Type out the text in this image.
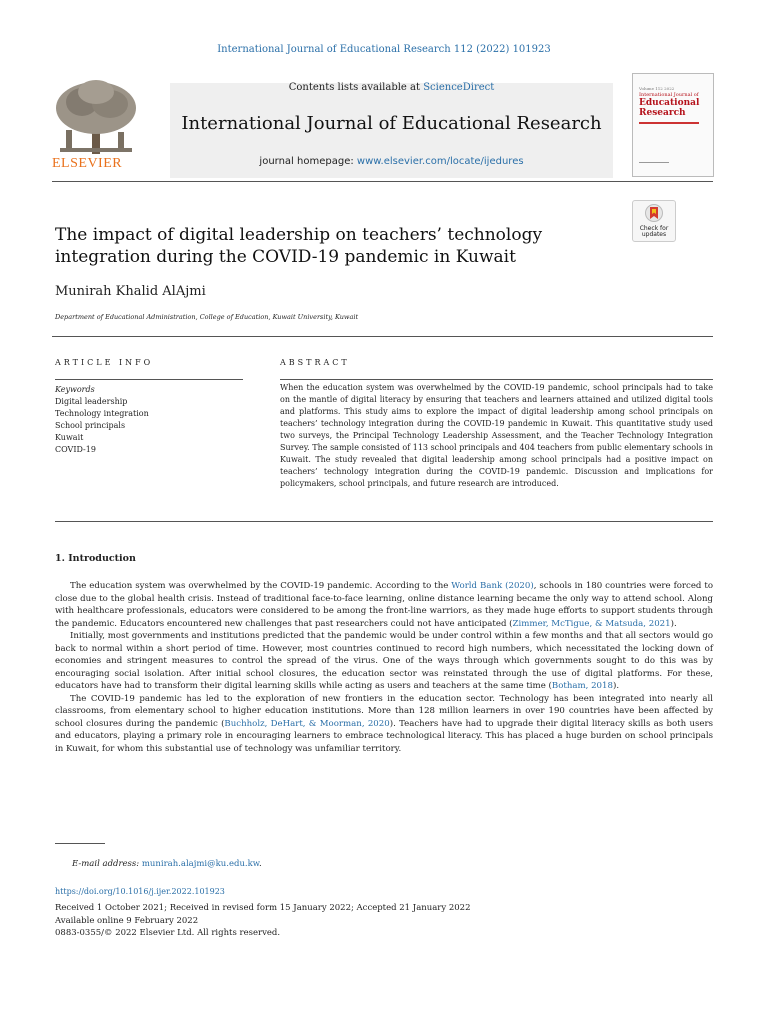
International Journal of Educational Research 112 (2022) 101923
Contents lists available at ScienceDirect
International Journal of Educational Research
journal homepage: www.elsevier.com/locate/ijedures
ELSEVIER
Volume 112 2022
International Journal of
Educational
Research
The impact of digital leadership on teachers’ technology integration during the COVID-19 pandemic in Kuwait
Check for
updates
Munirah Khalid AlAjmi
Department of Educational Administration, College of Education, Kuwait University, Kuwait
ARTICLE INFO	ABSTRACT
Keywords
Digital leadership
Technology integration
School principals
Kuwait
COVID-19
When the education system was overwhelmed by the COVID-19 pandemic, school principals had to take on the mantle of digital literacy by ensuring that teachers and learners attained and utilized digital tools and platforms. This study aims to explore the impact of digital leadership among school principals on teachers’ technology integration during the COVID-19 pandemic in Kuwait. This quantitative study used two surveys, the Principal Technology Leadership Assessment, and the Teacher Technology Integration Survey. The sample consisted of 113 school principals and 404 teachers from public elementary schools in Kuwait. The study revealed that digital leadership among school principals had a positive impact on teachers’ technology integration during the COVID-19 pandemic. Discussion and implications for policymakers, school principals, and future research are introduced.
1. Introduction

The education system was overwhelmed by the COVID-19 pandemic. According to the World Bank (2020), schools in 180 countries were forced to close due to the global health crisis. Instead of traditional face-to-face learning, online distance learning became the only way to attend school. Along with healthcare professionals, educators were considered to be among the front-line warriors, as they made huge efforts to support students through the pandemic. Educators encountered new challenges that past researchers could not have anticipated (Zimmer, McTigue, & Matsuda, 2021).

Initially, most governments and institutions predicted that the pandemic would be under control within a few months and that all sectors would go back to normal within a short period of time. However, most countries continued to record high numbers, which necessitated the locking down of economies and stringent measures to control the spread of the virus. One of the ways through which governments sought to do this was by encouraging social isolation. After initial school closures, the education sector was reinstated through the use of digital platforms. For these, educators have had to transform their digital learning skills while acting as users and teachers at the same time (Botham, 2018).

The COVID-19 pandemic has led to the exploration of new frontiers in the education sector. Technology has been integrated into nearly all classrooms, from elementary school to higher education institutions. More than 128 million learners in over 190 countries have been affected by school closures during the pandemic (Buchholz, DeHart, & Moorman, 2020). Teachers have had to upgrade their digital literacy skills as both users and educators, playing a primary role in encouraging learners to embrace technological literacy. This has placed a huge burden on school principals in Kuwait, for whom this substantial use of technology was unfamiliar territory.

E-mail address: munirah.alajmi@ku.edu.kw.
https://doi.org/10.1016/j.ijer.2022.101923
Received 1 October 2021; Received in revised form 15 January 2022; Accepted 21 January 2022
Available online 9 February 2022
0883-0355/© 2022 Elsevier Ltd. All rights reserved.
